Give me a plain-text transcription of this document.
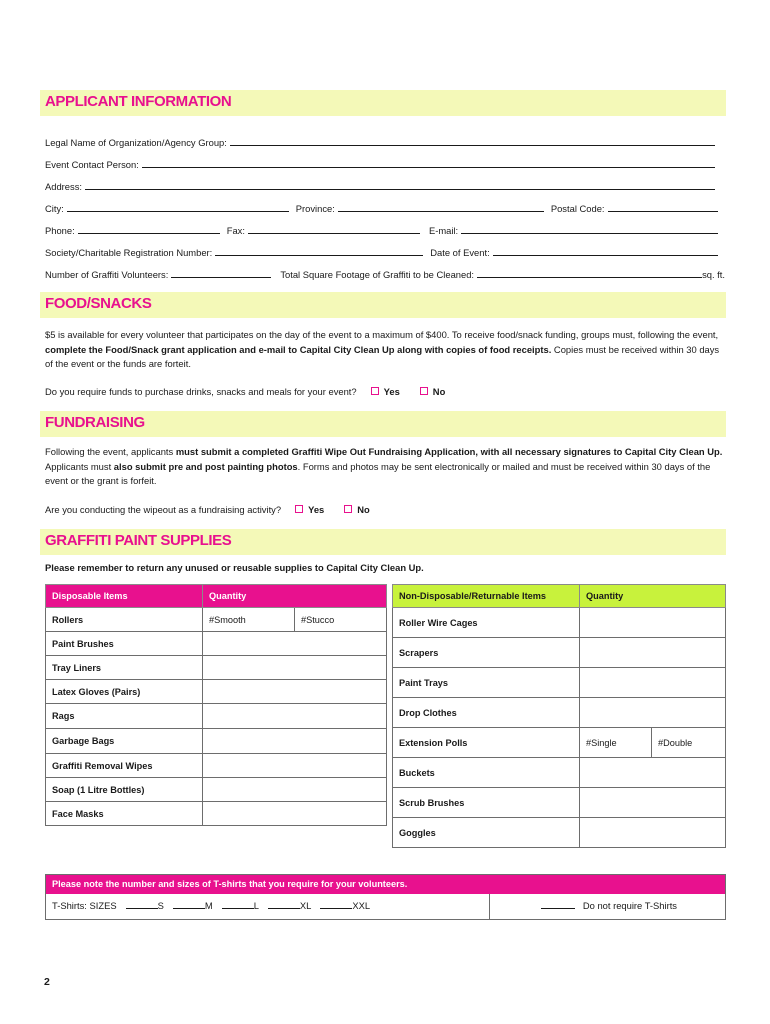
APPLICANT INFORMATION
Legal Name of Organization/Agency Group:
Event Contact Person:
Address:
City:	Province:	Postal Code:
Phone:	Fax:	E-mail:
Society/Charitable Registration Number:	Date of Event:
Number of Graffiti Volunteers:	Total Square Footage of Graffiti to be Cleaned:	sq. ft.
FOOD/SNACKS
$5 is available for every volunteer that participates on the day of the event to a maximum of $400. To receive food/snack funding, groups must, following the event, complete the Food/Snack grant application and e-mail to Capital City Clean Up along with copies of food receipts. Copies must be received within 30 days of the event or the funds are forteit.
Do you require funds to purchase drinks, snacks and meals for your event?	Yes	No
FUNDRAISING
Following the event, applicants must submit a completed Graffiti Wipe Out Fundraising Application, with all necessary signatures to Capital City Clean Up. Applicants must also submit pre and post painting photos. Forms and photos may be sent electronically or mailed and must be received within 30 days of the event or the grant is forfeit.
Are you conducting the wipeout as a fundraising activity?	Yes	No
GRAFFITI PAINT SUPPLIES
Please remember to return any unused or reusable supplies to Capital City Clean Up.
Disposable Items	Quantity	
Rollers	#Smooth	#Stucco
Paint Brushes		
Tray Liners		
Latex Gloves (Pairs)		
Rags		
Garbage Bags		
Graffiti Removal Wipes		
Soap (1 Litre Bottles)		
Face Masks		
Non-Disposable/Returnable Items	Quantity	
Roller Wire Cages		
Scrapers		
Paint Trays		
Drop Clothes		
Extension Polls	#Single	#Double
Buckets		
Scrub Brushes		
Goggles		
Please note the number and sizes of T-shirts that you require for your volunteers.
T-Shirts: SIZES	S	M	L	XL	XXL	Do not require T-Shirts
2
